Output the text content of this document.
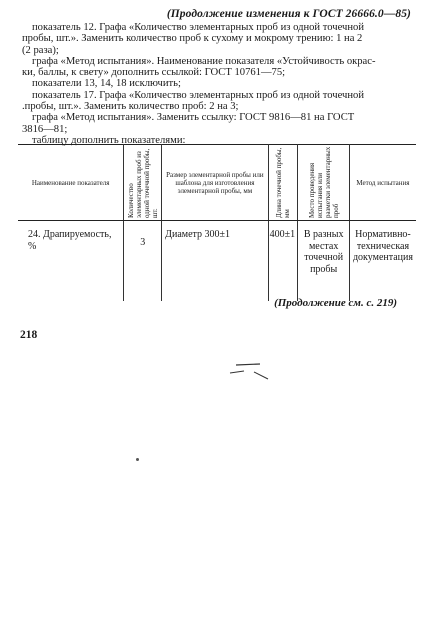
(Продолжение изменения к ГОСТ 26666.0—85)
показатель 12. Графа «Количество элементарных проб из одной точечной
пробы, шт.». Заменить количество проб к сухому и мокрому трению: 1 на 2
(2 раза);
графа «Метод испытания». Наименование показателя «Устойчивость окрас-
ки, баллы, к свету» дополнить ссылкой: ГОСТ 10761—75;
показатели 13, 14, 18 исключить;
показатель 17. Графа «Количество элементарных проб из одной точечной
.пробы, шт.». Заменить количество проб: 2 на 3;
графа «Метод испытания». Заменить ссылку: ГОСТ 9816—81 на ГОСТ
3816—81;
таблицу дополнить показателями:
Наименование показателя	Количество элементарных проб из одной точечной пробы, шт.	Размер элементарной пробы или шаблона для изготовления элементарной пробы, мм	Длина точечной пробы, мм	Место проведения испытания или разметки элементарных проб	Метод испытания
24. Драпируемость, %	3	Диаметр 300±1	400±1	В разных местах точечной пробы	Нормативно-техническая документация
(Продолжение см. с. 219)
218
